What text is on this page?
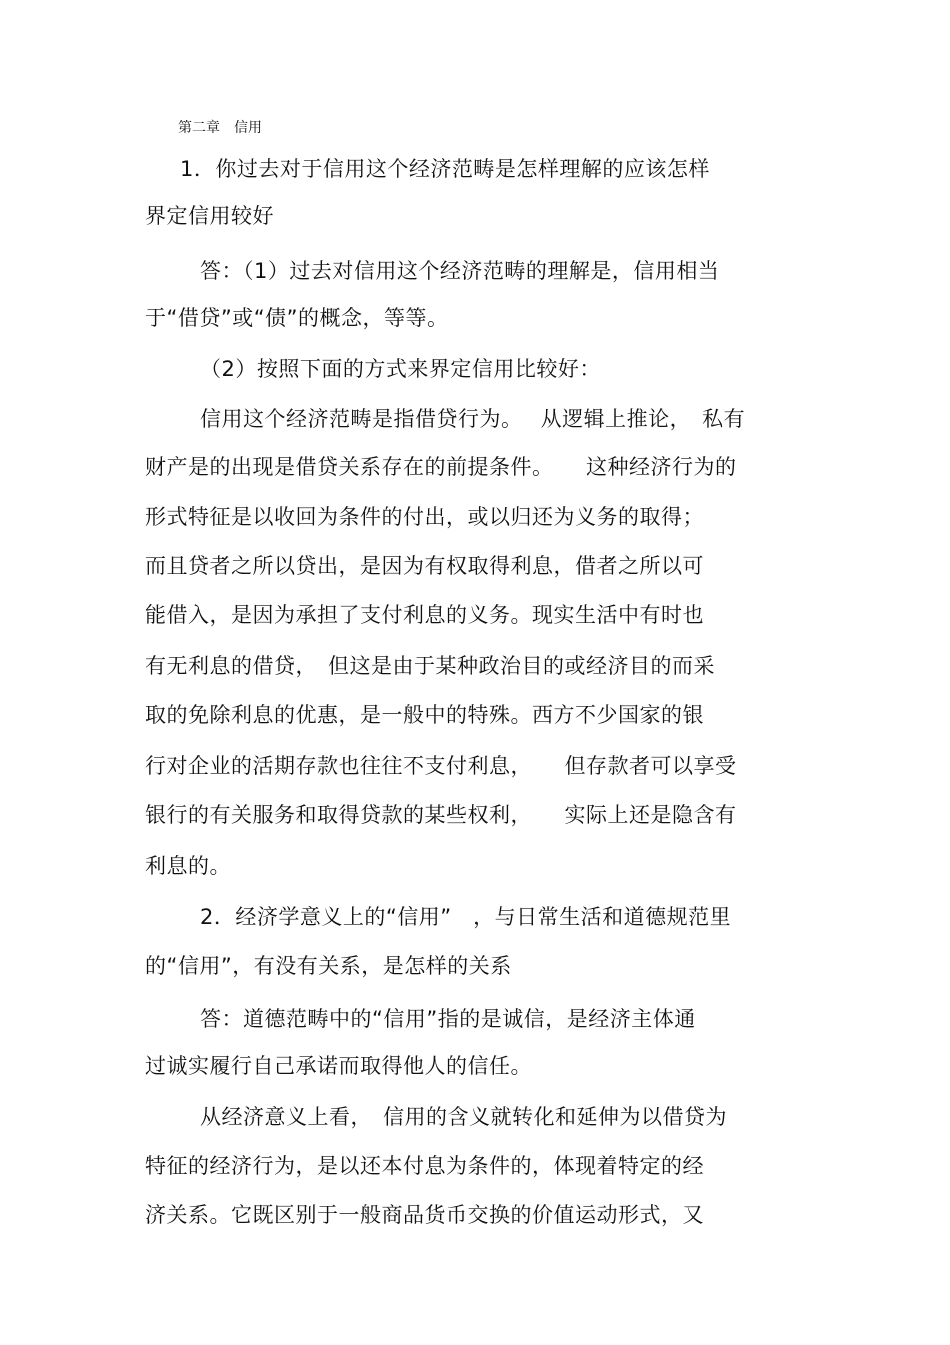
第二章　信用
1．你过去对于信用这个经济范畴是怎样理解的应该怎样
界定信用较好
答：（1）过去对信用这个经济范畴的理解是，信用相当
于“借贷”或“债”的概念，等等。
（2）按照下面的方式来界定信用比较好：
信用这个经济范畴是指借贷行为。　 从逻辑上推论，　私有
财产是的出现是借贷关系存在的前提条件。　　这种经济行为的
形式特征是以收回为条件的付出，或以归还为义务的取得；
而且贷者之所以贷出，是因为有权取得利息，借者之所以可
能借入，是因为承担了支付利息的义务。现实生活中有时也
有无利息的借贷，　但这是由于某种政治目的或经济目的而采
取的免除利息的优惠，是一般中的特殊。西方不少国家的银
行对企业的活期存款也往往不支付利息，　　但存款者可以享受
银行的有关服务和取得贷款的某些权利，　　实际上还是隐含有
利息的。
2．经济学意义上的“信用”　，与日常生活和道德规范里
的“信用”，有没有关系，是怎样的关系
答：道德范畴中的“信用”指的是诚信，是经济主体通
过诚实履行自己承诺而取得他人的信任。
从经济意义上看，　信用的含义就转化和延伸为以借贷为
特征的经济行为，是以还本付息为条件的，体现着特定的经
济关系。它既区别于一般商品货币交换的价值运动形式，又
